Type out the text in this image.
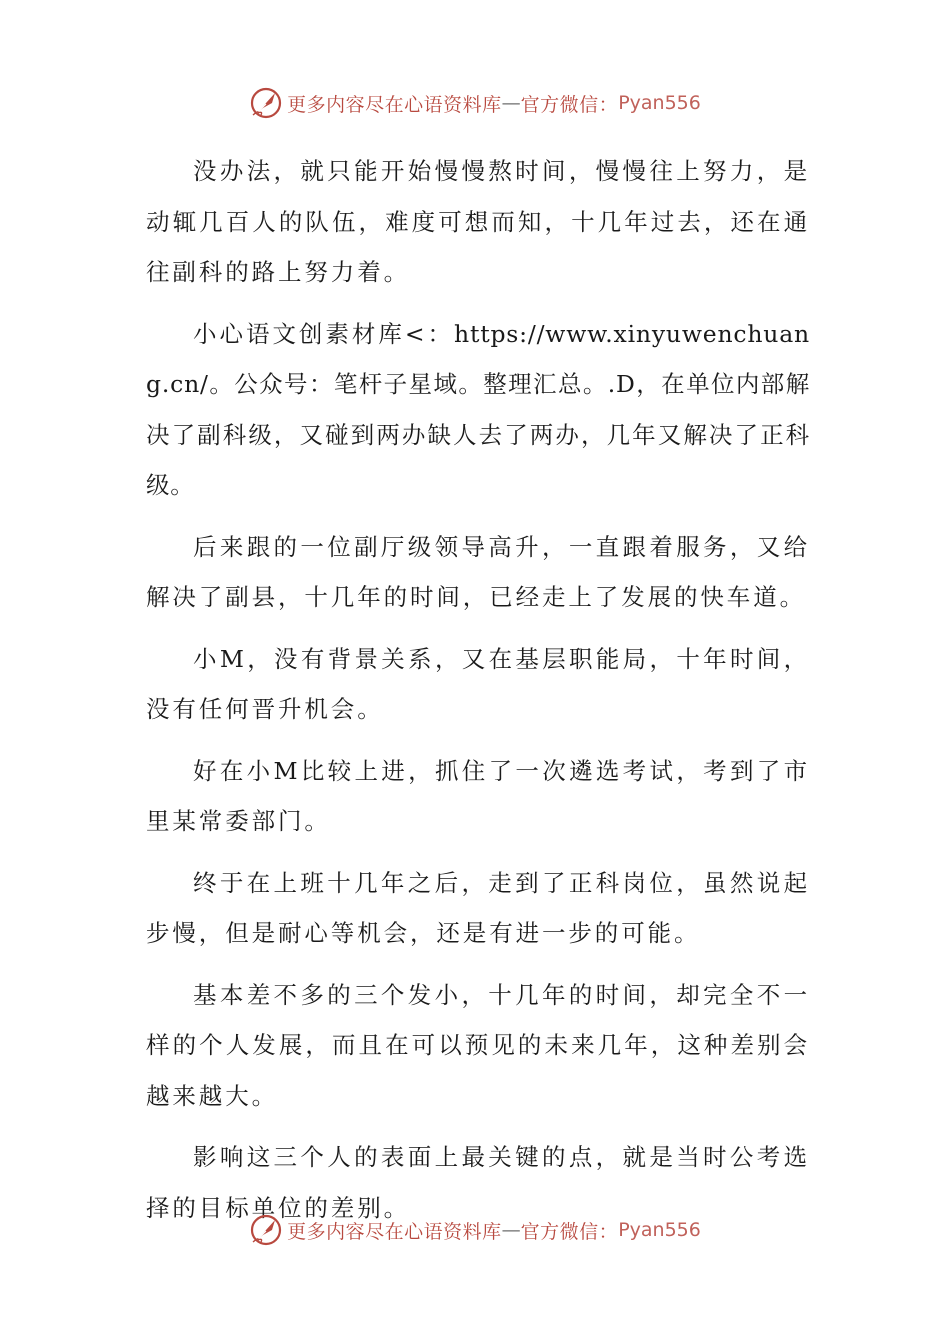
更多内容尽在心语资料库 — 官方微信： Pyan556

没办法，就只能开始慢慢熬时间，慢慢往上努力，是动辄几百人的队伍，难度可想而知，十几年过去，还在通往副科的路上努力着。

小心语文创素材库<：https://www.xinyuwenchuang.cn/。公众号：笔杆子星域。整理汇总。.D，在单位内部解决了副科级，又碰到两办缺人去了两办，几年又解决了正科级。

后来跟的一位副厅级领导高升，一直跟着服务，又给解决了副县，十几年的时间，已经走上了发展的快车道。

小M，没有背景关系，又在基层职能局，十年时间，没有任何晋升机会。

好在小M比较上进，抓住了一次遴选考试，考到了市里某常委部门。

终于在上班十几年之后，走到了正科岗位，虽然说起步慢，但是耐心等机会，还是有进一步的可能。

基本差不多的三个发小，十几年的时间，却完全不一样的个人发展，而且在可以预见的未来几年，这种差别会越来越大。

影响这三个人的表面上最关键的点，就是当时公考选择的目标单位的差别。

更多内容尽在心语资料库 — 官方微信： Pyan556
